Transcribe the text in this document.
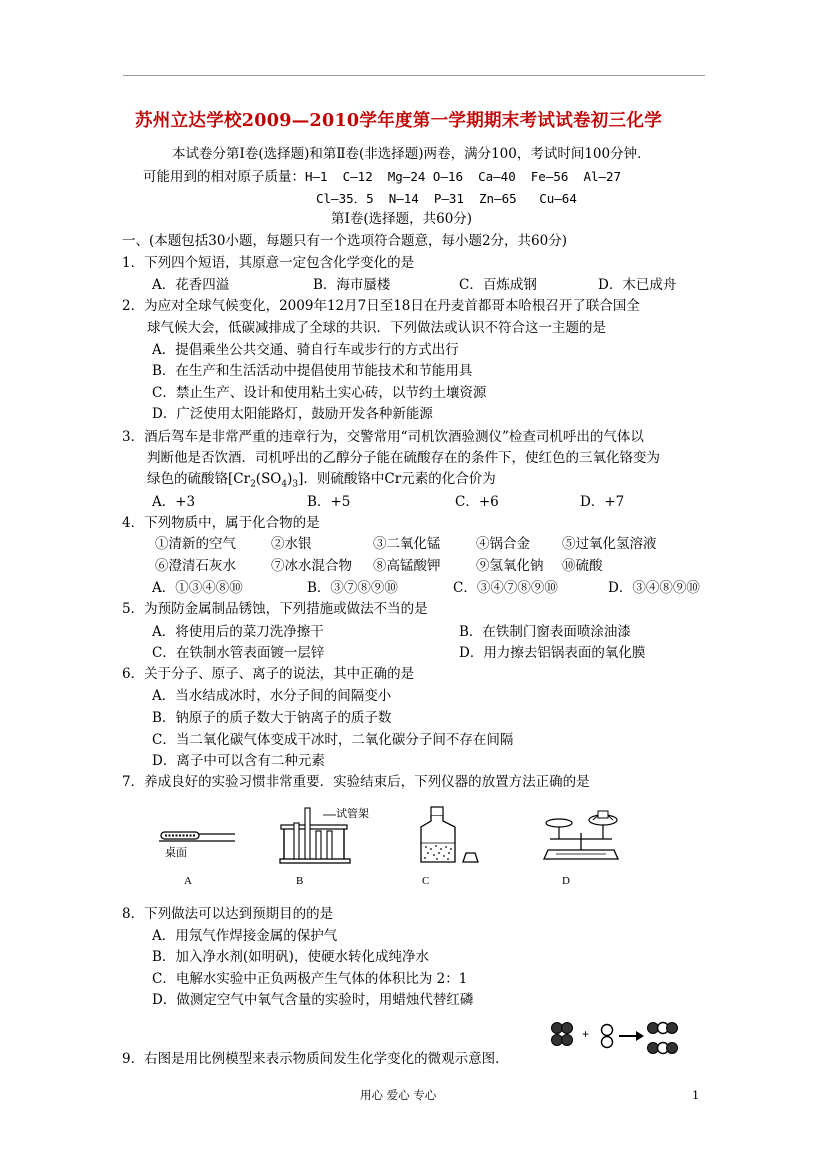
苏州立达学校2009—2010学年度第一学期期末考试试卷初三化学
本试卷分第Ⅰ卷(选择题)和第Ⅱ卷(非选择题)两卷，满分100，考试时间100分钟．
可能用到的相对原子质量：H—1  C—12  Mg—24 O—16  Ca—40  Fe—56  Al—27
Cl—35．5  N—14  P—31  Zn—65   Cu—64
第Ⅰ卷(选择题，共60分)
一、(本题包括30小题，每题只有一个选项符合题意，每小题2分，共60分)
1．下列四个短语，其原意一定包含化学变化的是
A．花香四溢	B．海市蜃楼	C．百炼成钢	D．木已成舟
2．为应对全球气候变化，2009年12月7日至18日在丹麦首都哥本哈根召开了联合国全
球气候大会，低碳减排成了全球的共识．下列做法或认识不符合这一主题的是
A．提倡乘坐公共交通、骑自行车或步行的方式出行
B．在生产和生活活动中提倡使用节能技术和节能用具
C．禁止生产、设计和使用粘土实心砖，以节约土壤资源
D．广泛使用太阳能路灯，鼓励开发各种新能源
3．酒后驾车是非常严重的违章行为，交警常用“司机饮酒验测仪”检查司机呼出的气体以
判断他是否饮酒．司机呼出的乙醇分子能在硫酸存在的条件下，使红色的三氧化铬变为
绿色的硫酸铬$[Cr_2(SO_4)_3]$．则硫酸铬中Cr元素的化合价为
A．+3	B．+5	C．+6	D．+7
4．下列物质中，属于化合物的是
①清新的空气	②水银	③二氧化锰	④锅合金 ⑤过氧化氢溶液
⑥澄清石灰水	⑦冰水混合物 ⑧高锰酸钾	⑨氢氧化钠 ⑩硫酸
A．①③④⑧⑩	B．③⑦⑧⑨⑩	C．③④⑦⑧⑨⑩	D．③④⑧⑨⑩
5．为预防金属制品锈蚀，下列措施或做法不当的是
A．将使用后的菜刀洗净擦干	B．在铁制门窗表面喷涂油漆
C．在铁制水管表面镀一层锌	D．用力擦去铝锅表面的氧化膜
6．关于分子、原子、离子的说法，其中正确的是
A．当水结成冰时，水分子间的间隔变小
B．钠原子的质子数大于钠离子的质子数
C．当二氧化碳气体变成干冰时，二氧化碳分子间不存在间隔
D．离子中可以含有二种元素
7．养成良好的实验习惯非常重要．实验结束后，下列仪器的放置方法正确的是
桌面
A
试管架
B	C	D
8．下列做法可以达到预期目的的是
A．用氖气作焊接金属的保护气
B．加入净水剂(如明矾)，使硬水转化成纯净水
C．电解水实验中正负两极产生气体的体积比为 2：1
D．做测定空气中氧气含量的实验时，用蜡烛代替红磷
+
9．右图是用比例模型来表示物质间发生化学变化的微观示意图．
用心 爱心 专心	1
